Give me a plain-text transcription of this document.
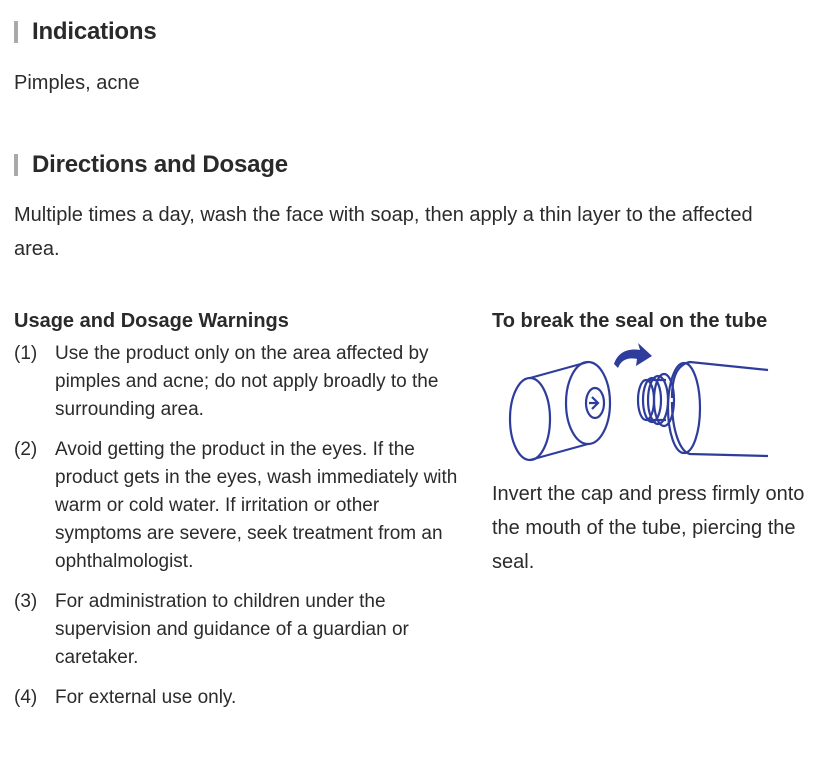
Indications

Pimples, acne

Directions and Dosage

Multiple times a day, wash the face with soap, then apply a thin layer to the affected area.

Usage and Dosage Warnings
(1) Use the product only on the area affected by pimples and acne; do not apply broadly to the surrounding area.
(2) Avoid getting the product in the eyes. If the product gets in the eyes, wash immediately with warm or cold water. If irritation or other symptoms are severe, seek treatment from an ophthalmologist.
(3) For administration to children under the supervision and guidance of a guardian or caretaker.
(4) For external use only.
To break the seal on the tube

Invert the cap and press firmly onto the mouth of the tube, piercing the seal.
